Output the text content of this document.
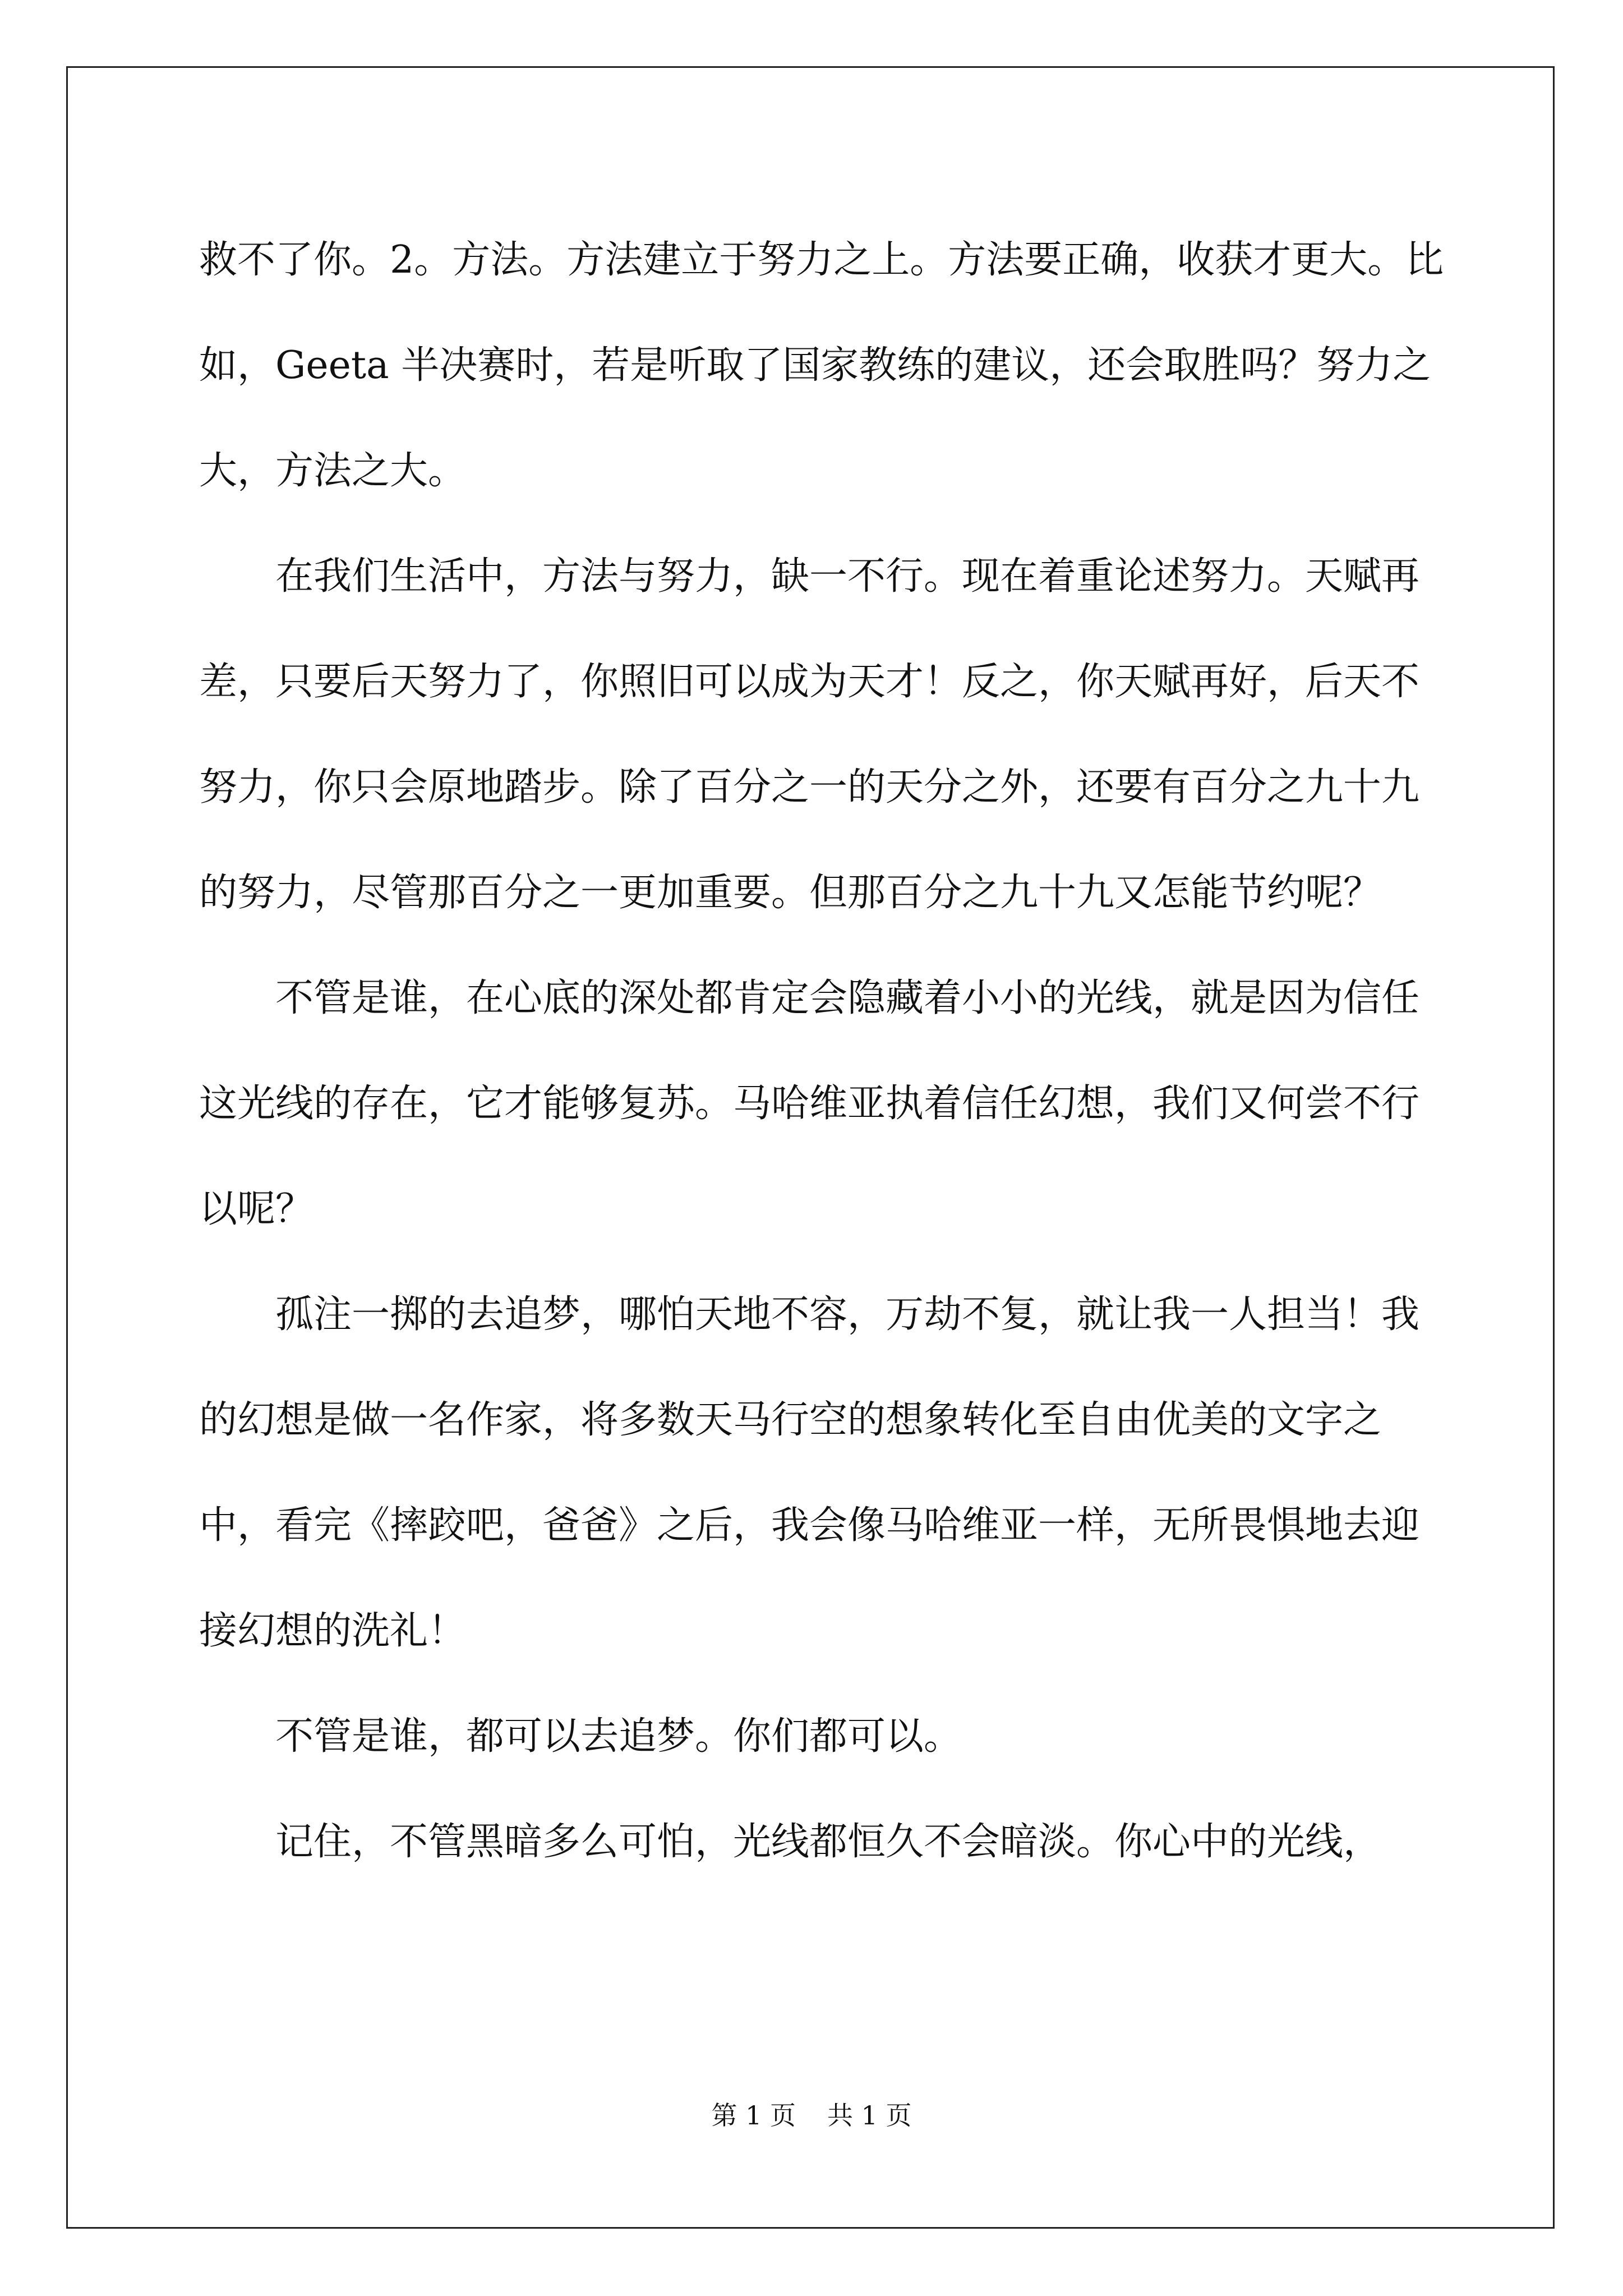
救不了你。2。方法。方法建立于努力之上。方法要正确，收获才更大。比如，Geeta 半决赛时，若是听取了国家教练的建议，还会取胜吗？努力之大，方法之大。

在我们生活中，方法与努力，缺一不行。现在着重论述努力。天赋再差，只要后天努力了，你照旧可以成为天才！反之，你天赋再好，后天不努力，你只会原地踏步。除了百分之一的天分之外，还要有百分之九十九的努力，尽管那百分之一更加重要。但那百分之九十九又怎能节约呢？

不管是谁，在心底的深处都肯定会隐藏着小小的光线，就是因为信任这光线的存在，它才能够复苏。马哈维亚执着信任幻想，我们又何尝不行以呢？

孤注一掷的去追梦，哪怕天地不容，万劫不复，就让我一人担当！我的幻想是做一名作家，将多数天马行空的想象转化至自由优美的文字之中，看完《摔跤吧，爸爸》之后，我会像马哈维亚一样，无所畏惧地去迎接幻想的洗礼！

不管是谁，都可以去追梦。你们都可以。

记住，不管黑暗多么可怕，光线都恒久不会暗淡。你心中的光线，

第 1 页 共 1 页
